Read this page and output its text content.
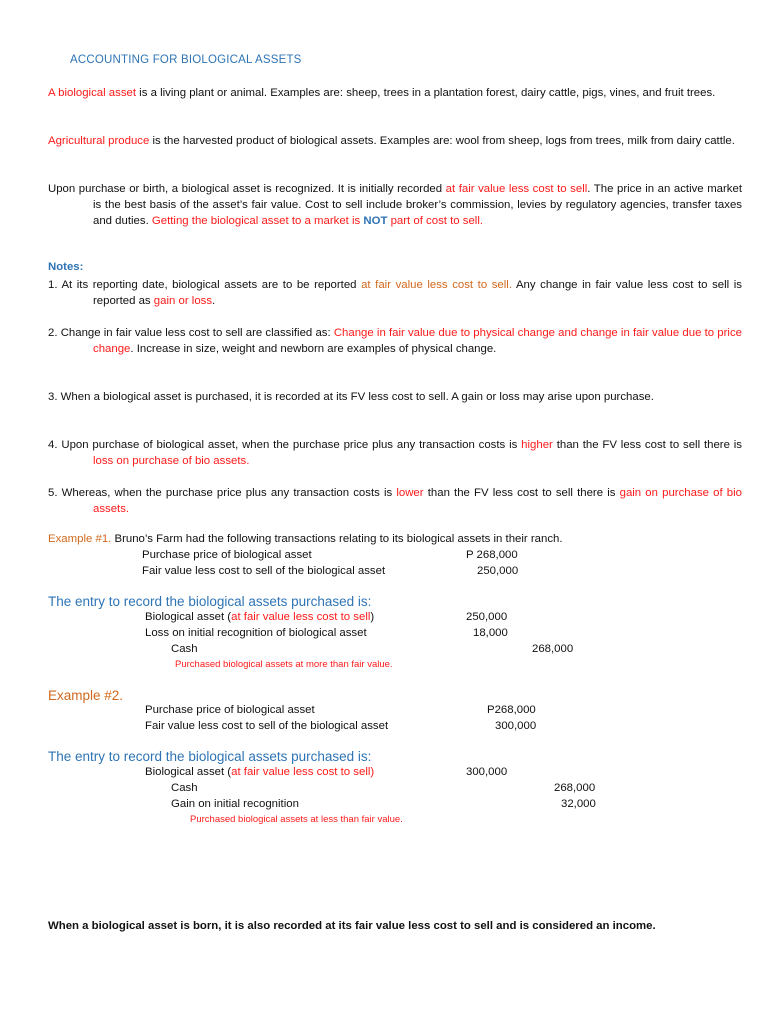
ACCOUNTING FOR BIOLOGICAL ASSETS
A biological asset is a living plant or animal. Examples are: sheep, trees in a plantation forest, dairy cattle, pigs, vines, and fruit trees.
Agricultural produce is the harvested product of biological assets. Examples are: wool from sheep, logs from trees, milk from dairy cattle.
Upon purchase or birth, a biological asset is recognized. It is initially recorded at fair value less cost to sell. The price in an active market is the best basis of the asset’s fair value. Cost to sell include broker’s commission, levies by regulatory agencies, transfer taxes and duties. Getting the biological asset to a market is NOT part of cost to sell.
Notes:
1. At its reporting date, biological assets are to be reported at fair value less cost to sell. Any change in fair value less cost to sell is reported as gain or loss.
2. Change in fair value less cost to sell are classified as: Change in fair value due to physical change and change in fair value due to price change. Increase in size, weight and newborn are examples of physical change.
3. When a biological asset is purchased, it is recorded at its FV less cost to sell. A gain or loss may arise upon purchase.
4. Upon purchase of biological asset, when the purchase price plus any transaction costs is higher than the FV less cost to sell there is loss on purchase of bio assets.
5. Whereas, when the purchase price plus any transaction costs is lower than the FV less cost to sell there is gain on purchase of bio assets.
Example #1. Bruno’s Farm had the following transactions relating to its biological assets in their ranch.
Purchase price of biological asset	P 268,000
Fair value less cost to sell of the biological asset	250,000
The entry to record the biological assets purchased is:
Biological asset (at fair value less cost to sell)	250,000
Loss on initial recognition of biological asset	18,000
Cash	268,000
Purchased biological assets at more than fair value.
Example #2.
Purchase price of biological asset	P268,000
Fair value less cost to sell of the biological asset	300,000
The entry to record the biological assets purchased is:
Biological asset (at fair value less cost to sell)	300,000
Cash	268,000
Gain on initial recognition	32,000
Purchased biological assets at less than fair value.
When a biological asset is born, it is also recorded at its fair value less cost to sell and is considered an income.
